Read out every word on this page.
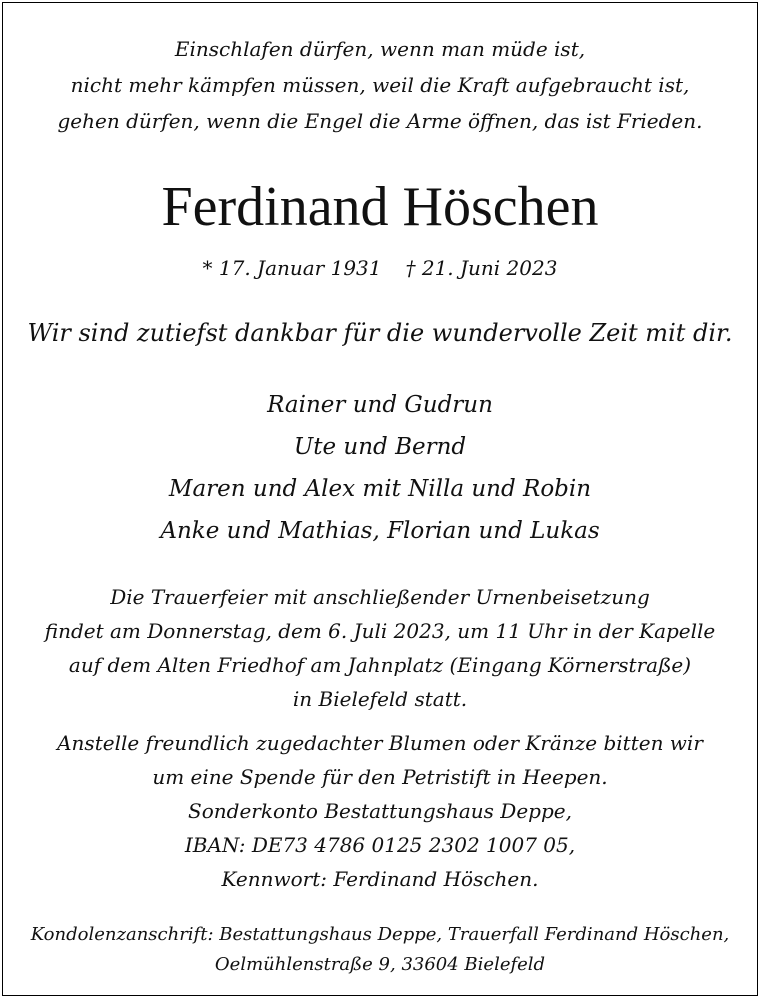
Einschlafen dürfen, wenn man müde ist,
nicht mehr kämpfen müssen, weil die Kraft aufgebraucht ist,
gehen dürfen, wenn die Engel die Arme öffnen, das ist Frieden.
Ferdinand Höschen
* 17. Januar 1931 † 21. Juni 2023
Wir sind zutiefst dankbar für die wundervolle Zeit mit dir.
Rainer und Gudrun
Ute und Bernd
Maren und Alex mit Nilla und Robin
Anke und Mathias, Florian und Lukas
Die Trauerfeier mit anschließender Urnenbeisetzung
findet am Donnerstag, dem 6. Juli 2023, um 11 Uhr in der Kapelle
auf dem Alten Friedhof am Jahnplatz (Eingang Körnerstraße)
in Bielefeld statt.
Anstelle freundlich zugedachter Blumen oder Kränze bitten wir
um eine Spende für den Petristift in Heepen.
Sonderkonto Bestattungshaus Deppe,
IBAN: DE73 4786 0125 2302 1007 05,
Kennwort: Ferdinand Höschen.
Kondolenzanschrift: Bestattungshaus Deppe, Trauerfall Ferdinand Höschen,
Oelmühlenstraße 9, 33604 Bielefeld
